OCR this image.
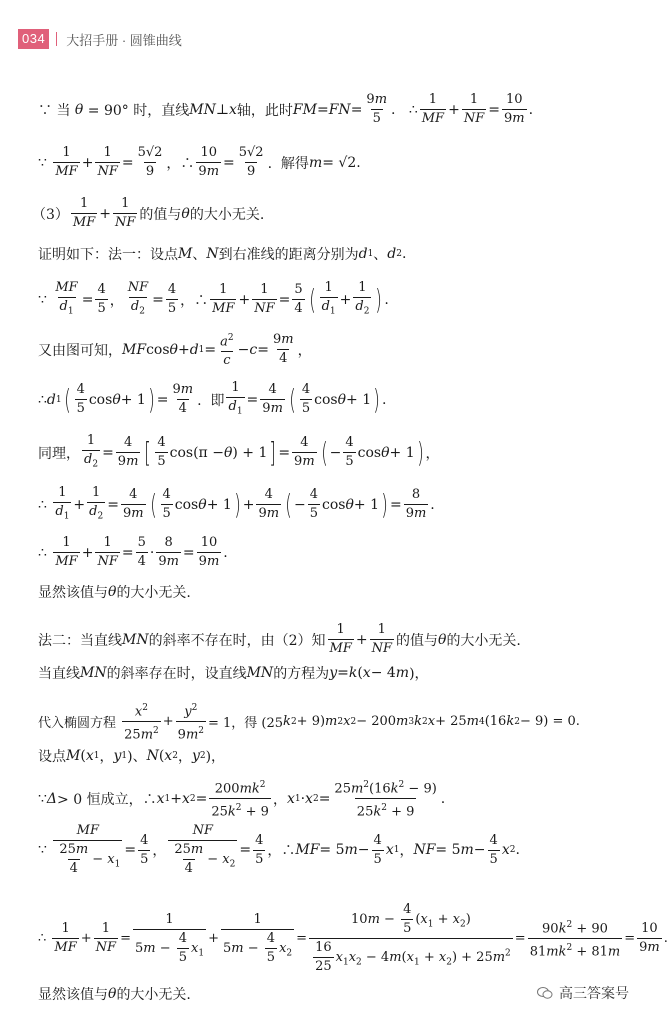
034	大招手册 · 圆锥曲线
∵ 当 θ = 90° 时，直线 MN ⊥ x 轴，此时 FM = FN =
9m
5
.   ∴
1
MF
+
1
NF
=
10
9m
.
∵
1
MF
+
1
NF
=
5√2
9 ，∴
10
9m
=
5√2
9 .  解得 m = √2.
（3）
1
MF
+
1
NF 的值与 θ 的大小无关.
证明如下：法一：设点 M 、 N 到右准线的距离分别为 d 1 、 d 2 .
∵
MF
$d_1$
=
4
5 ，
NF
$d_2$
=
4
5 ，∴
1
MF
+
1
NF
=
5
4 ( 1
$d_1$
+
1
$d_2$ ) .
又由图可知， MF cos θ + d $1 = a^2$
c
− c =
9m
4 ，
∴ d 1 ( 4
5
cos θ + 1 ) =
9m
4 .  即
1
$d_1$
=
4
9m ( 4
5
cos θ + 1 ) .
同理，
1
$d_2$
=
4
9m [ 4
5
cos(π − θ ) + 1 ] =
4
9m ( −
4
5
cos θ + 1 ) ，
∴
1
$d_1$
+
1
$d_2$
=
4
9m ( 4
5
cos θ + 1 ) +
4
9m ( −
4
5
cos θ + 1 ) =
8
9m
.
∴
1
MF
+
1
NF
=
5
4
·
8
9m
=
10
9m
.
显然该值与 θ 的大小无关.
法二：当直线 MN 的斜率不存在时，由（2）知
1
MF
+
1
NF 的值与 θ 的大小无关.
当直线 MN 的斜率存在时，设直线 MN 的方程为 y = k ( x − 4 m )，
代入椭圆方程
$x^2$
$25m^2$
+
$y^2$
$9m^2 = 1$，得 (25 k 2 + 9) m 2 x 2 − 200 m 3 k 2 x + 25 m 4 (16 k 2 − 9) = 0.
设点 M ( x 1 ， y 1 )、 N ( x 2 ， y 2 )，
∵ Δ > 0 恒成立，∴ x 1 + x 2 =
$200mk^2$
$25k^2 + 9$
， x 1 · x 2 =
$25m^2(16k^2 - 9)$
$25k^2 + 9$
.
∵
MF
$\frac{25m}{4} - x_1$
=
4
5 ，
NF
$\frac{25m}{4} - x_2$
=
4
5 ，∴ MF = 5 m −
4
5
x 1 ， NF = 5 m −
4
5
x 2 .
∴
1
MF
+
1
NF
=
1
$5m - \frac{4}{5} x_1$
+
1
$5m - \frac{4}{5} x_2$
=
$10m - \frac{4}{5} (x_1 + x_2)$
$\frac{16}{25} x_1x_2 - 4m(x_1 + x_2) + 25m^2$
=
$90k^2 + 90$
$81mk^2 + 81m$
=
10
9m
.
显然该值与 θ 的大小无关.	高三答案号
